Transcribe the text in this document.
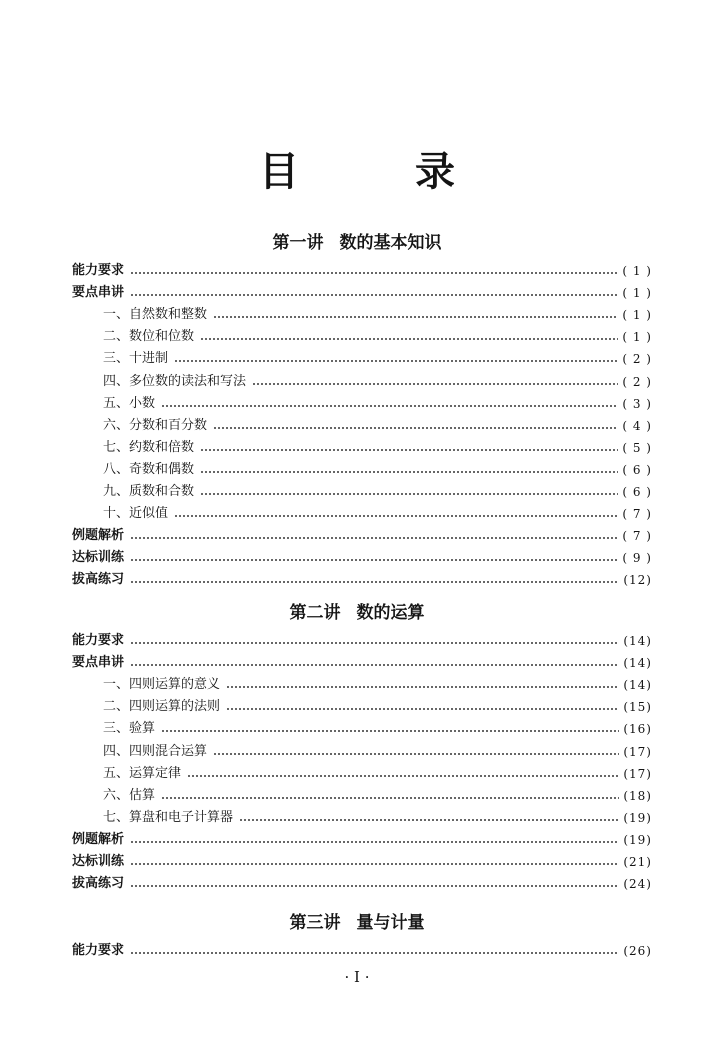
目　录
第一讲 数的基本知识
能力要求	( 1 )
要点串讲	( 1 )
一、自然数和整数	( 1 )
二、数位和位数	( 1 )
三、十进制	( 2 )
四、多位数的读法和写法	( 2 )
五、小数	( 3 )
六、分数和百分数	( 4 )
七、约数和倍数	( 5 )
八、奇数和偶数	( 6 )
九、质数和合数	( 6 )
十、近似值	( 7 )
例题解析	( 7 )
达标训练	( 9 )
拔高练习	(12)
第二讲 数的运算
能力要求	(14)
要点串讲	(14)
一、四则运算的意义	(14)
二、四则运算的法则	(15)
三、验算	(16)
四、四则混合运算	(17)
五、运算定律	(17)
六、估算	(18)
七、算盘和电子计算器	(19)
例题解析	(19)
达标训练	(21)
拔高练习	(24)
第三讲 量与计量
能力要求	(26)
· I ·
